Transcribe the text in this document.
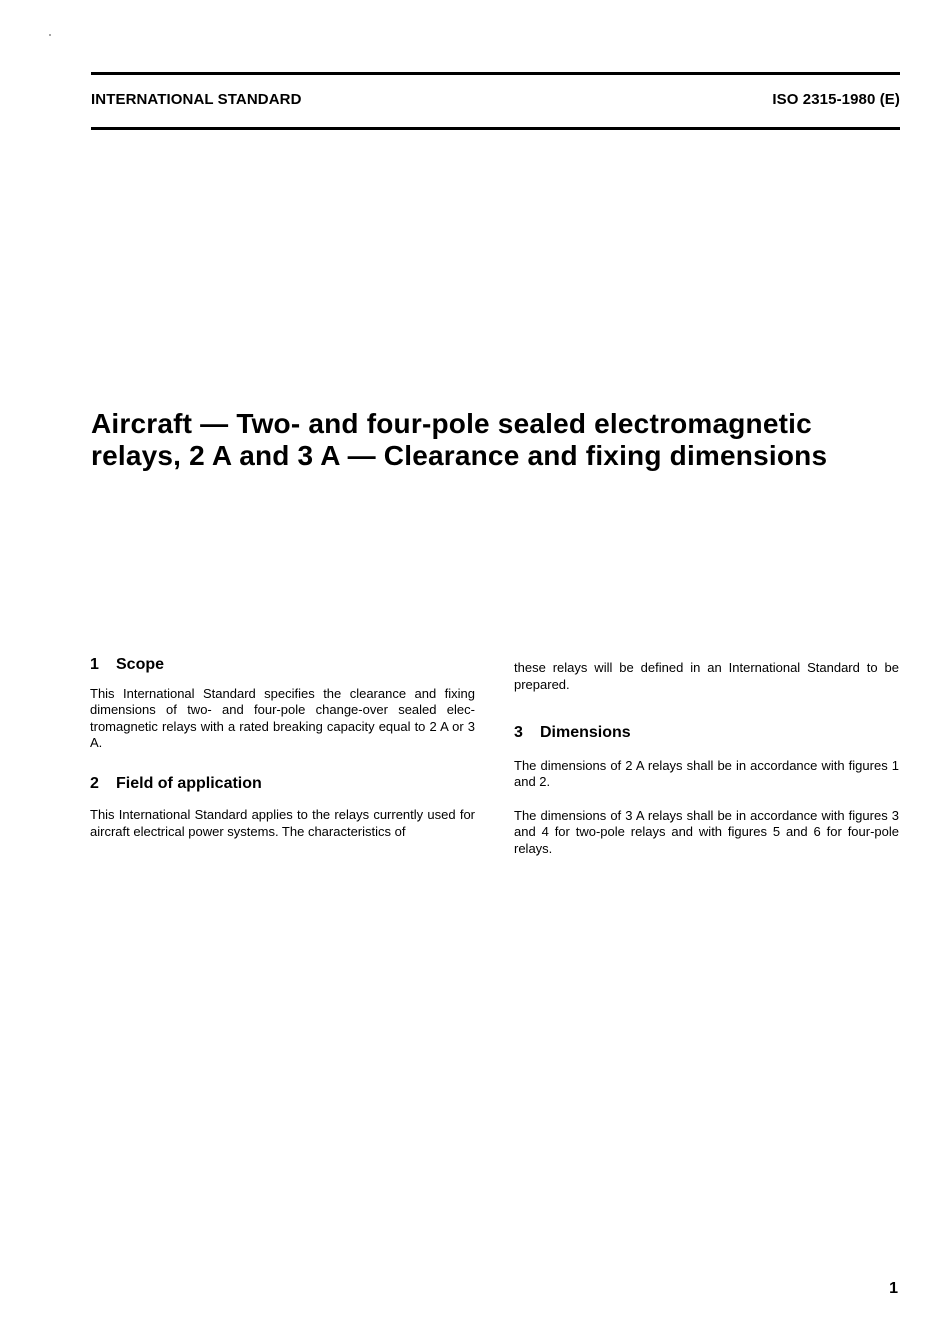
INTERNATIONAL STANDARD	ISO 2315-1980 (E)
Aircraft — Two- and four-pole sealed electromagnetic
relays, 2 A and 3 A — Clearance and fixing dimensions
1 Scope

This International Standard specifies the clearance and fixing dimensions of two- and four-pole change-over sealed elec-tromagnetic relays with a rated breaking capacity equal to 2 A or 3 A.

2 Field of application

This International Standard applies to the relays currently used for aircraft electrical power systems. The characteristics of

these relays will be defined in an International Standard to be prepared.

3 Dimensions

The dimensions of 2 A relays shall be in accordance with figures 1 and 2.

The dimensions of 3 A relays shall be in accordance with figures 3 and 4 for two-pole relays and with figures 5 and 6 for four-pole relays.

1
